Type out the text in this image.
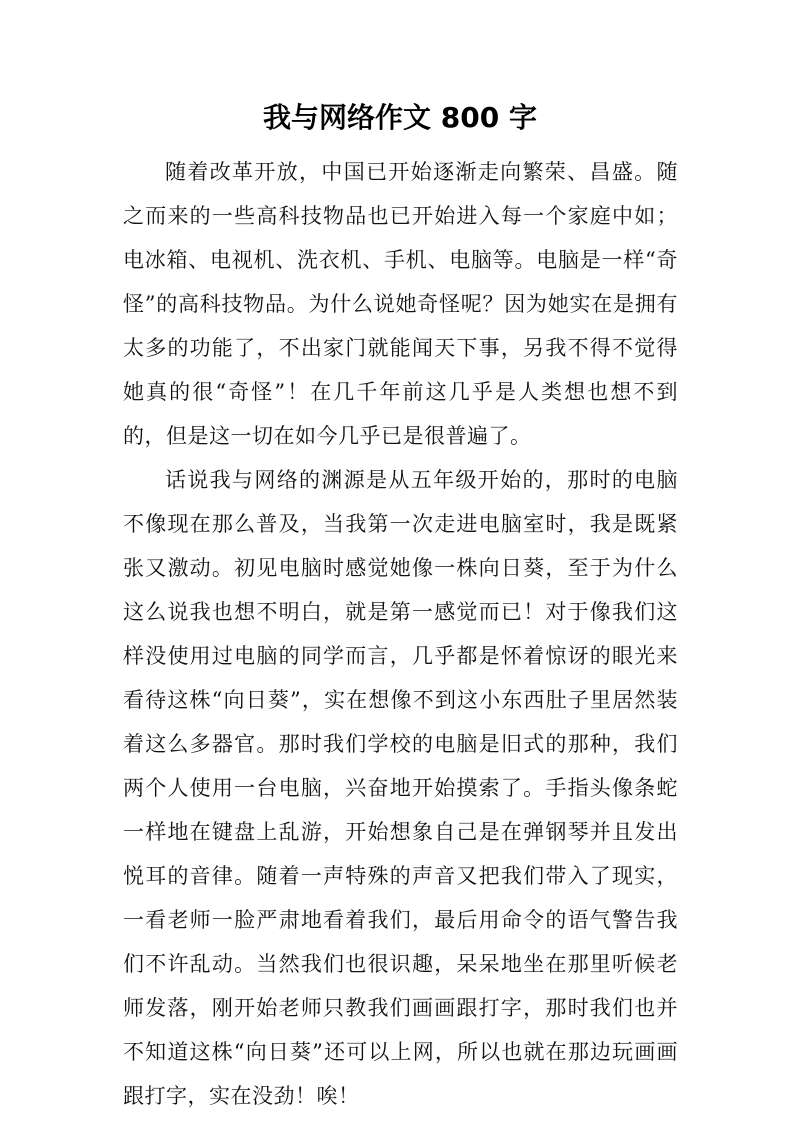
我与网络作文 800 字

随着改革开放，中国已开始逐渐走向繁荣、昌盛。随之而来的一些高科技物品也已开始进入每一个家庭中如；电冰箱、电视机、洗衣机、手机、电脑等。电脑是一样“奇怪”的高科技物品。为什么说她奇怪呢？因为她实在是拥有太多的功能了，不出家门就能闻天下事，另我不得不觉得她真的很“奇怪”！在几千年前这几乎是人类想也想不到的，但是这一切在如今几乎已是很普遍了。

话说我与网络的渊源是从五年级开始的，那时的电脑不像现在那么普及，当我第一次走进电脑室时，我是既紧张又激动。初见电脑时感觉她像一株向日葵，至于为什么这么说我也想不明白，就是第一感觉而已！对于像我们这样没使用过电脑的同学而言，几乎都是怀着惊讶的眼光来看待这株“向日葵”，实在想像不到这小东西肚子里居然装着这么多器官。那时我们学校的电脑是旧式的那种，我们两个人使用一台电脑，兴奋地开始摸索了。手指头像条蛇一样地在键盘上乱游，开始想象自己是在弹钢琴并且发出悦耳的音律。随着一声特殊的声音又把我们带入了现实，一看老师一脸严肃地看着我们，最后用命令的语气警告我们不许乱动。当然我们也很识趣，呆呆地坐在那里听候老师发落，刚开始老师只教我们画画跟打字，那时我们也并不知道这株“向日葵”还可以上网，所以也就在那边玩画画跟打字，实在没劲！唉！
